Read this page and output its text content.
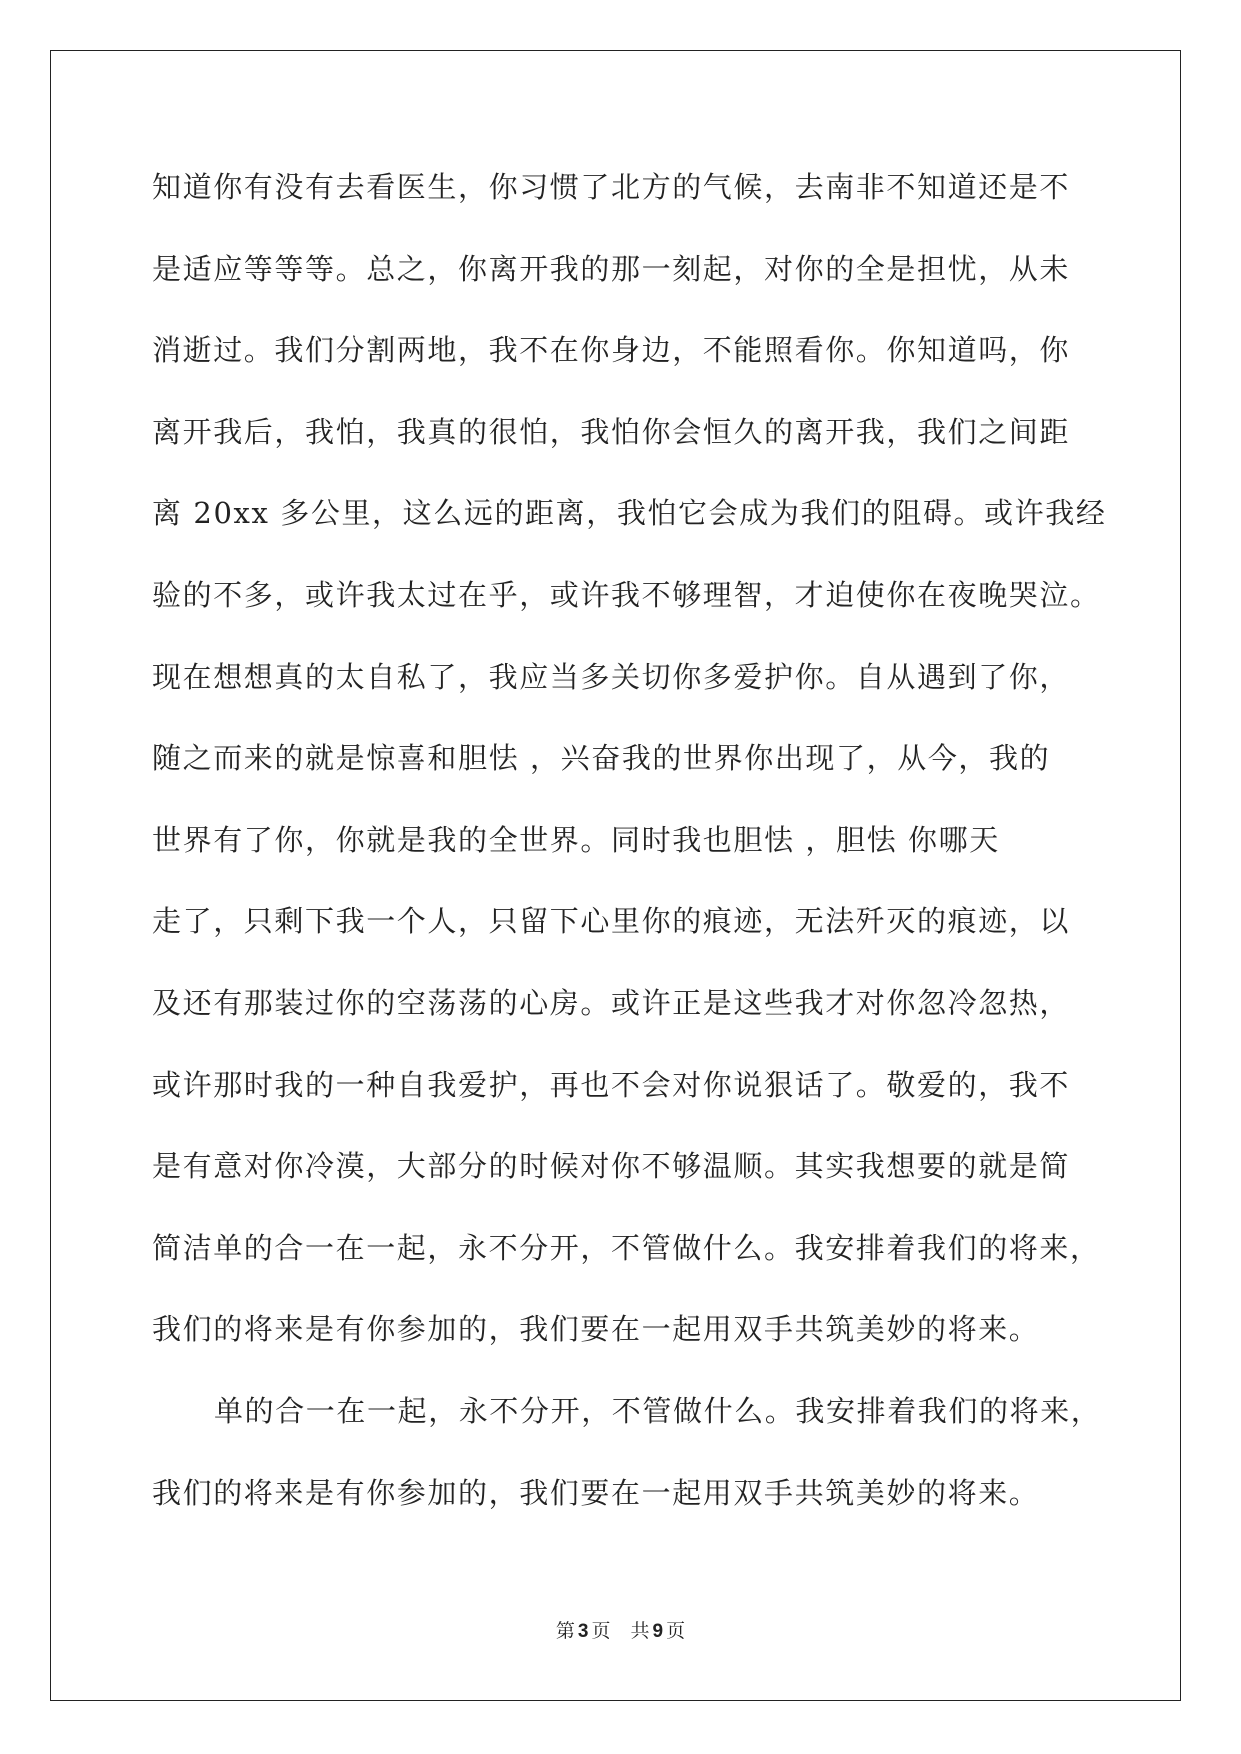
知道你有没有去看医生，你习惯了北方的气候，去南非不知道还是不
是适应等等等。总之，你离开我的那一刻起，对你的全是担忧，从未
消逝过。我们分割两地，我不在你身边，不能照看你。你知道吗，你
离开我后，我怕，我真的很怕，我怕你会恒久的离开我，我们之间距
离 20xx 多公里，这么远的距离，我怕它会成为我们的阻碍。或许我经
验的不多，或许我太过在乎，或许我不够理智，才迫使你在夜晚哭泣。
现在想想真的太自私了，我应当多关切你多爱护你。自从遇到了你，
随之而来的就是惊喜和胆怯 ，兴奋我的世界你出现了，从今，我的
世界有了你，你就是我的全世界。同时我也胆怯 ，胆怯 你哪天
走了，只剩下我一个人，只留下心里你的痕迹，无法歼灭的痕迹，以
及还有那装过你的空荡荡的心房。或许正是这些我才对你忽冷忽热，
或许那时我的一种自我爱护，再也不会对你说狠话了。敬爱的，我不
是有意对你冷漠，大部分的时候对你不够温顺。其实我想要的就是简
简洁单的合一在一起，永不分开，不管做什么。我安排着我们的将来，
我们的将来是有你参加的，我们要在一起用双手共筑美妙的将来。
单的合一在一起，永不分开，不管做什么。我安排着我们的将来，
我们的将来是有你参加的，我们要在一起用双手共筑美妙的将来。
第 3 页 共 9 页
